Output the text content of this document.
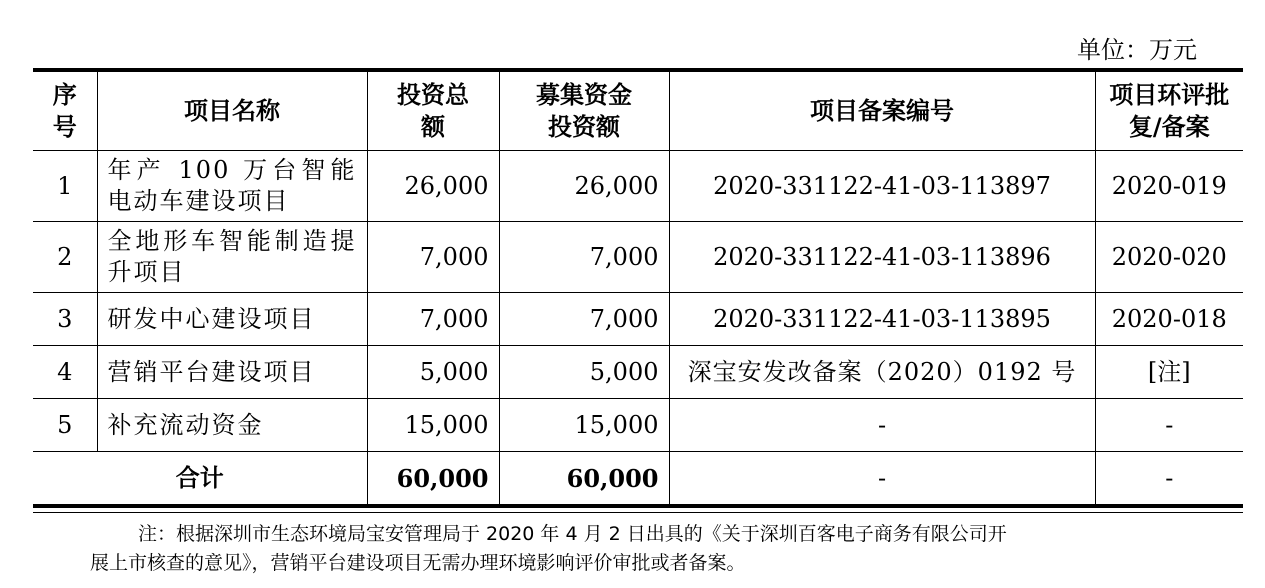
单位：万元
序号	项目名称	投资总额	募集资金投资额	项目备案编号	项目环评批复/备案
1	年产 100 万台智能电动车建设项目	26,000	26,000	2020-331122-41-03-113897	2020-019
2	全地形车智能制造提升项目	7,000	7,000	2020-331122-41-03-113896	2020-020
3	研发中心建设项目	7,000	7,000	2020-331122-41-03-113895	2020-018
4	营销平台建设项目	5,000	5,000	深宝安发改备案（2020）0192 号	[注]
5	补充流动资金	15,000	15,000	-	-
合计		60,000	60,000	-	-
注：根据深圳市生态环境局宝安管理局于 2020 年 4 月 2 日出具的《关于深圳百客电子商务有限公司开
展上市核查的意见》，营销平台建设项目无需办理环境影响评价审批或者备案。
